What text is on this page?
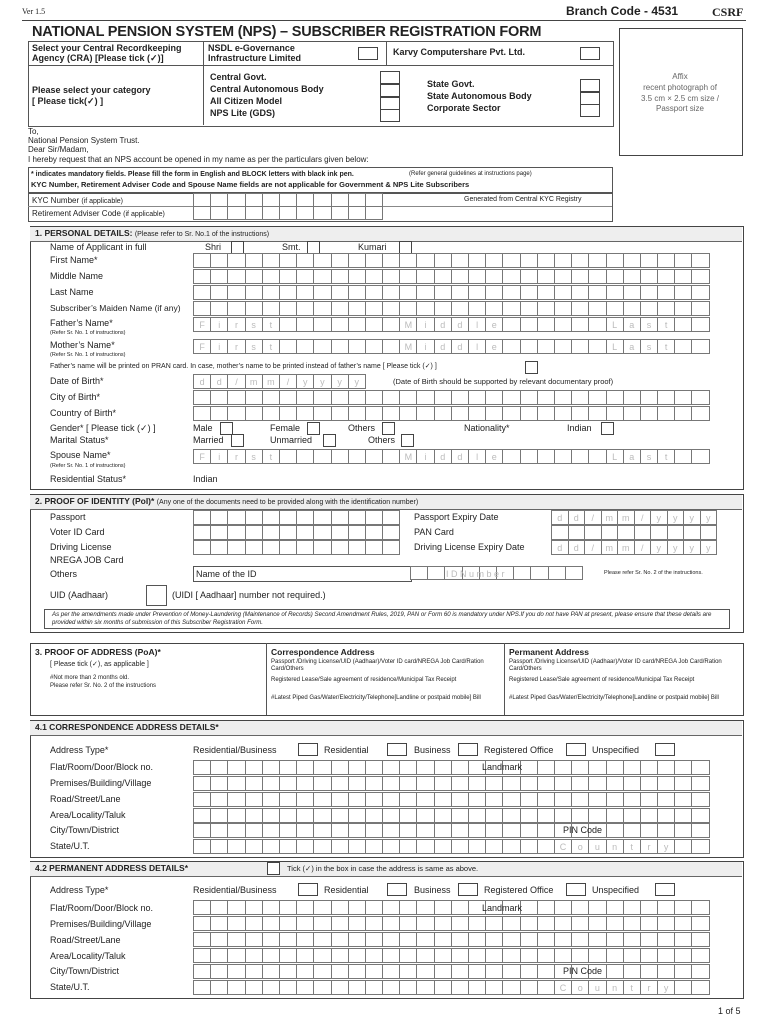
Ver 1.5	Branch Code - 4531	CSRF
NATIONAL PENSION SYSTEM (NPS) – SUBSCRIBER REGISTRATION FORM
Select your Central Recordkeeping
Agency (CRA) [Please tick (✓)]
NSDL e-Governance
Infrastructure Limited
Karvy Computershare Pvt. Ltd.
Please select your category
[ Please tick(✓) ]
Central Govt.
Central Autonomous Body
All Citizen Model
NPS Lite (GDS)
State Govt.
State Autonomous Body
Corporate Sector
Affix
recent photograph of
3.5 cm × 2.5 cm size /
Passport size
To,
National Pension System Trust.
Dear Sir/Madam,
I hereby request that an NPS account be opened in my name as per the particulars given below:
* indicates mandatory fields. Please fill the form in English and BLOCK letters with black ink pen.	(Refer general guidelines at instructions page)
KYC Number, Retirement Adviser Code and Spouse Name fields are not applicable for Government & NPS Lite Subscribers
KYC Number (if applicable)
Retirement Adviser Code (if applicable)
Generated from Central KYC Registry
1. PERSONAL DETAILS: (Please refer to Sr. No.1 of the instructions)
Name of Applicant in full	Shri	Smt.	Kumari
First Name*
Middle Name
Last Name
Subscriber’s Maiden Name (if any)
Father’s Name*
(Refer Sr. No. 1 of instructions)
F	i	r	s	t	M	i	d	d	l	e	L	a	s	t
Mother’s Name*
(Refer Sr. No. 1 of instructions)
F	i	r	s	t	M	i	d	d	l	e	L	a	s	t
Father’s name will be printed on PRAN card. In case, mother’s name to be printed instead of father’s name [ Please tick (✓) ]
Date of Birth*	d	d	/	m	m	/	y	y	y	y	(Date of Birth should be supported by relevant documentary proof)
City of Birth*
Country of Birth*
Gender* [ Please tick (✓) ]	Male	Female	Others	Nationality*	Indian
Marital Status*	Married	Unmarried	Others
Spouse Name*
(Refer Sr. No. 1 of instructions)
F	i	r	s	t	M	i	d	d	l	e	L	a	s	t
Residential Status*	Indian
2. PROOF OF IDENTITY (PoI)* (Any one of the documents need to be provided along with the identification number)
Passport	Passport Expiry Date	d	d	/	m	m	/	y	y	y	y
Voter ID Card	PAN Card
Driving License	Driving License Expiry Date	d	d	/	m	m	/	y	y	y	y
NREGA JOB Card
Others	Name of the ID	I D N u m b e r	Please refer Sr. No. 2 of the instructions.
UID (Aadhaar)	(UIDI [ Aadhaar] number not required.)
As per the amendments made under Prevention of Money-Laundering (Maintenance of Records) Second Amendment Rules, 2019, PAN or Form 60 is mandatory under NPS.If you do not have PAN at present, please ensure that these details are provided within six months of submission of this Subscriber Registration Form.
3. PROOF OF ADDRESS (PoA)*
[ Please tick (✓), as applicable ]
#Not more than 2 months old.
Please refer Sr. No. 2 of the instructions
Correspondence Address	Permanent Address
Passport /Driving License/UID (Aadhaar)/Voter ID card/NREGA Job Card/Ration Card/Others
Registered Lease/Sale agreement of residence/Municipal Tax Receipt
#Latest Piped Gas/Water/Electricity/Telephone[Landline or postpaid mobile] Bill
Passport /Driving License/UID (Aadhaar)/Voter ID card/NREGA Job Card/Ration Card/Others
Registered Lease/Sale agreement of residence/Municipal Tax Receipt
#Latest Piped Gas/Water/Electricity/Telephone[Landline or postpaid mobile] Bill
4.1 CORRESPONDENCE ADDRESS DETAILS*
Address Type*	Residential/Business	Residential	Business	Registered Office	Unspecified
Flat/Room/Door/Block no.	Landmark
Premises/Building/Village
Road/Street/Lane
Area/Locality/Taluk
City/Town/District	PIN Code
State/U.T.	C	o	u	n	t	r	y
4.2 PERMANENT ADDRESS DETAILS*	Tick (✓) in the box in case the address is same as above.
Address Type*	Residential/Business	Residential	Business	Registered Office	Unspecified
Flat/Room/Door/Block no.	Landmark
Premises/Building/Village
Road/Street/Lane
Area/Locality/Taluk
City/Town/District	PIN Code
State/U.T.	C	o	u	n	t	r	y
1 of 5
